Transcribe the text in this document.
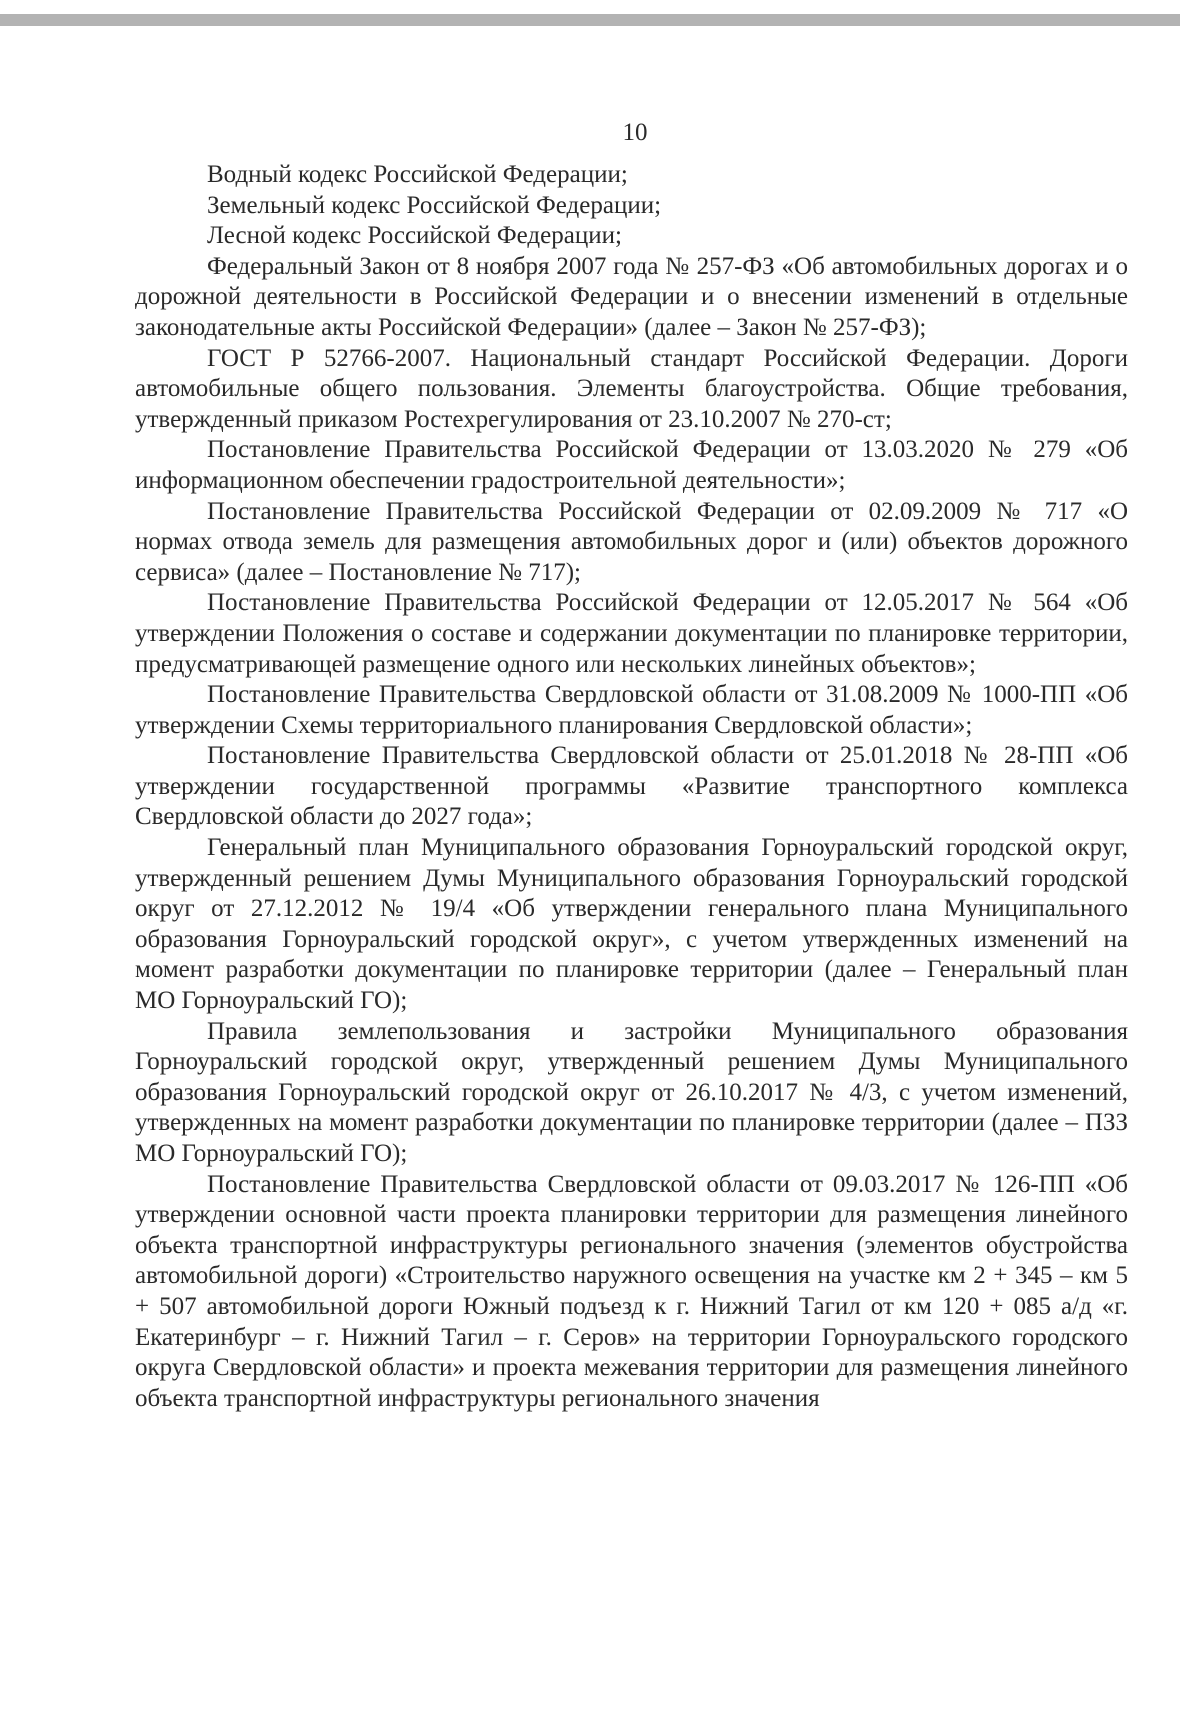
10

Водный кодекс Российской Федерации;

Земельный кодекс Российской Федерации;

Лесной кодекс Российской Федерации;

Федеральный Закон от 8 ноября 2007 года № 257-ФЗ «Об автомобильных дорогах и о дорожной деятельности в Российской Федерации и о внесении изменений в отдельные законодательные акты Российской Федерации» (далее – Закон № 257-ФЗ);

ГОСТ Р 52766-2007. Национальный стандарт Российской Федерации. Дороги автомобильные общего пользования. Элементы благоустройства. Общие требования, утвержденный приказом Ростехрегулирования от 23.10.2007 № 270-ст;

Постановление Правительства Российской Федерации от 13.03.2020 № 279 «Об информационном обеспечении градостроительной деятельности»;

Постановление Правительства Российской Федерации от 02.09.2009 № 717 «О нормах отвода земель для размещения автомобильных дорог и (или) объектов дорожного сервиса» (далее – Постановление № 717);

Постановление Правительства Российской Федерации от 12.05.2017 № 564 «Об утверждении Положения о составе и содержании документации по планировке территории, предусматривающей размещение одного или нескольких линейных объектов»;

Постановление Правительства Свердловской области от 31.08.2009 № 1000-ПП «Об утверждении Схемы территориального планирования Свердловской области»;

Постановление Правительства Свердловской области от 25.01.2018 № 28-ПП «Об утверждении государственной программы «Развитие транспортного комплекса Свердловской области до 2027 года»;

Генеральный план Муниципального образования Горноуральский городской округ, утвержденный решением Думы Муниципального образования Горноуральский городской округ от 27.12.2012 № 19/4 «Об утверждении генерального плана Муниципального образования Горноуральский городской округ», с учетом утвержденных изменений на момент разработки документации по планировке территории (далее – Генеральный план МО Горноуральский ГО);

Правила землепользования и застройки Муниципального образования Горноуральский городской округ, утвержденный решением Думы Муниципального образования Горноуральский городской округ от 26.10.2017 № 4/3, с учетом изменений, утвержденных на момент разработки документации по планировке территории (далее – ПЗЗ МО Горноуральский ГО);

Постановление Правительства Свердловской области от 09.03.2017 № 126-ПП «Об утверждении основной части проекта планировки территории для размещения линейного объекта транспортной инфраструктуры регионального значения (элементов обустройства автомобильной дороги) «Строительство наружного освещения на участке км 2 + 345 – км 5 + 507 автомобильной дороги Южный подъезд к г. Нижний Тагил от км 120 + 085 а/д «г. Екатеринбург – г. Нижний Тагил – г. Серов» на территории Горноуральского городского округа Свердловской области» и проекта межевания территории для размещения линейного объекта транспортной инфраструктуры регионального значения
